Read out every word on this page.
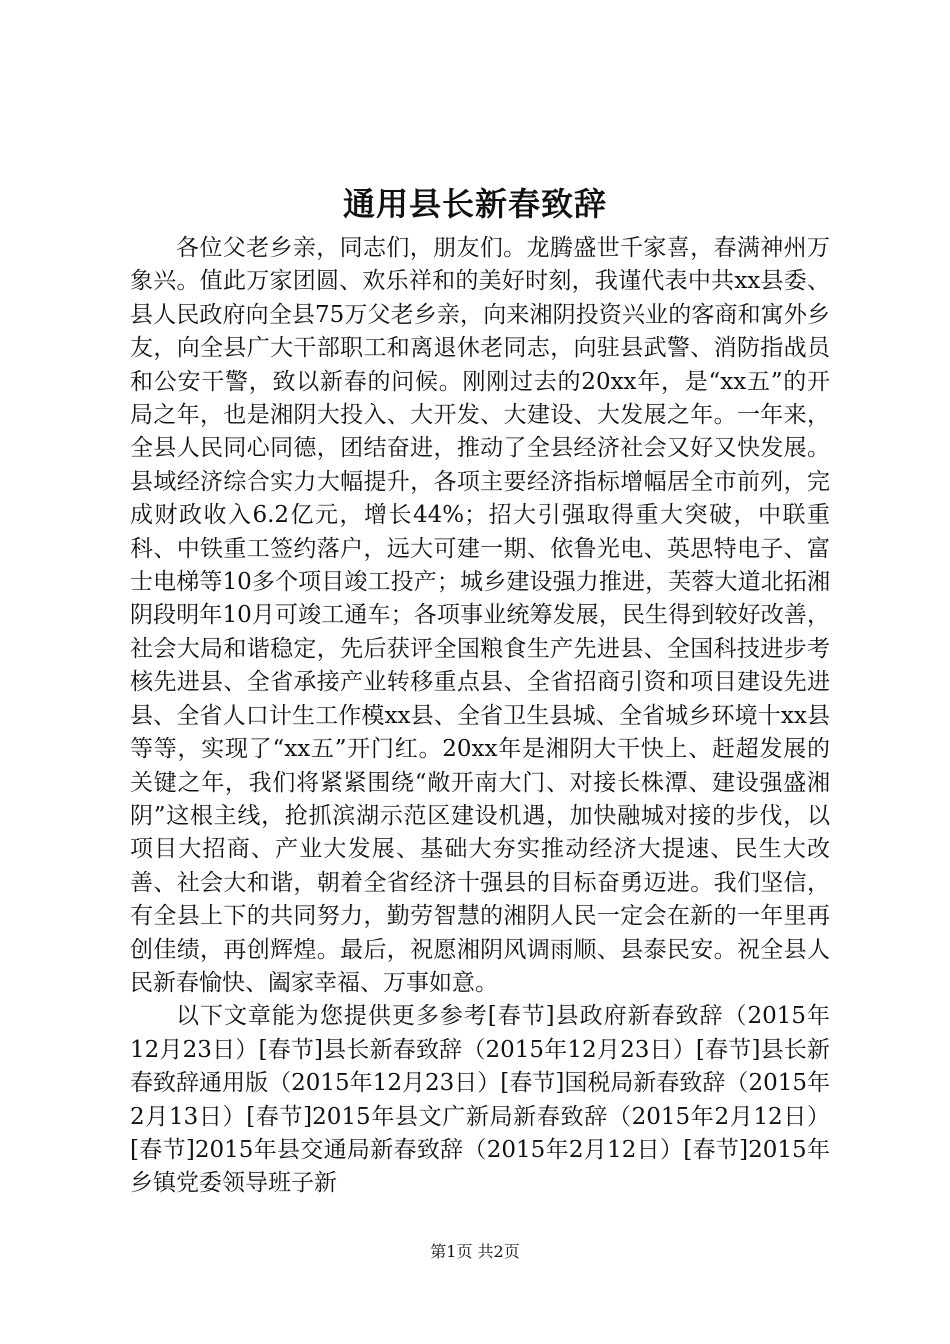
通用县长新春致辞

各位父老乡亲，同志们，朋友们。龙腾盛世千家喜，春满神州万象兴。值此万家团圆、欢乐祥和的美好时刻，我谨代表中共xx县委、县人民政府向全县75万父老乡亲，向来湘阴投资兴业的客商和寓外乡友，向全县广大干部职工和离退休老同志，向驻县武警、消防指战员和公安干警，致以新春的问候。刚刚过去的20xx年，是“xx五”的开局之年，也是湘阴大投入、大开发、大建设、大发展之年。一年来，全县人民同心同德，团结奋进，推动了全县经济社会又好又快发展。县域经济综合实力大幅提升，各项主要经济指标增幅居全市前列，完成财政收入6.2亿元，增长44%；招大引强取得重大突破，中联重科、中铁重工签约落户，远大可建一期、依鲁光电、英思特电子、富士电梯等10多个项目竣工投产；城乡建设强力推进，芙蓉大道北拓湘阴段明年10月可竣工通车；各项事业统筹发展，民生得到较好改善，社会大局和谐稳定，先后获评全国粮食生产先进县、全国科技进步考核先进县、全省承接产业转移重点县、全省招商引资和项目建设先进县、全省人口计生工作模xx县、全省卫生县城、全省城乡环境十xx县等等，实现了“xx五”开门红。20xx年是湘阴大干快上、赶超发展的关键之年，我们将紧紧围绕“敞开南大门、对接长株潭、建设强盛湘阴”这根主线，抢抓滨湖示范区建设机遇，加快融城对接的步伐，以项目大招商、产业大发展、基础大夯实推动经济大提速、民生大改善、社会大和谐，朝着全省经济十强县的目标奋勇迈进。我们坚信，有全县上下的共同努力，勤劳智慧的湘阴人民一定会在新的一年里再创佳绩，再创辉煌。最后，祝愿湘阴风调雨顺、县泰民安。祝全县人民新春愉快、阖家幸福、万事如意。

以下文章能为您提供更多参考[春节]县政府新春致辞（2015年12月23日）[春节]县长新春致辞（2015年12月23日）[春节]县长新春致辞通用版（2015年12月23日）[春节]国税局新春致辞（2015年2月13日）[春节]2015年县文广新局新春致辞（2015年2月12日）[春节]2015年县交通局新春致辞（2015年2月12日）[春节]2015年乡镇党委领导班子新

第1页 共2页
